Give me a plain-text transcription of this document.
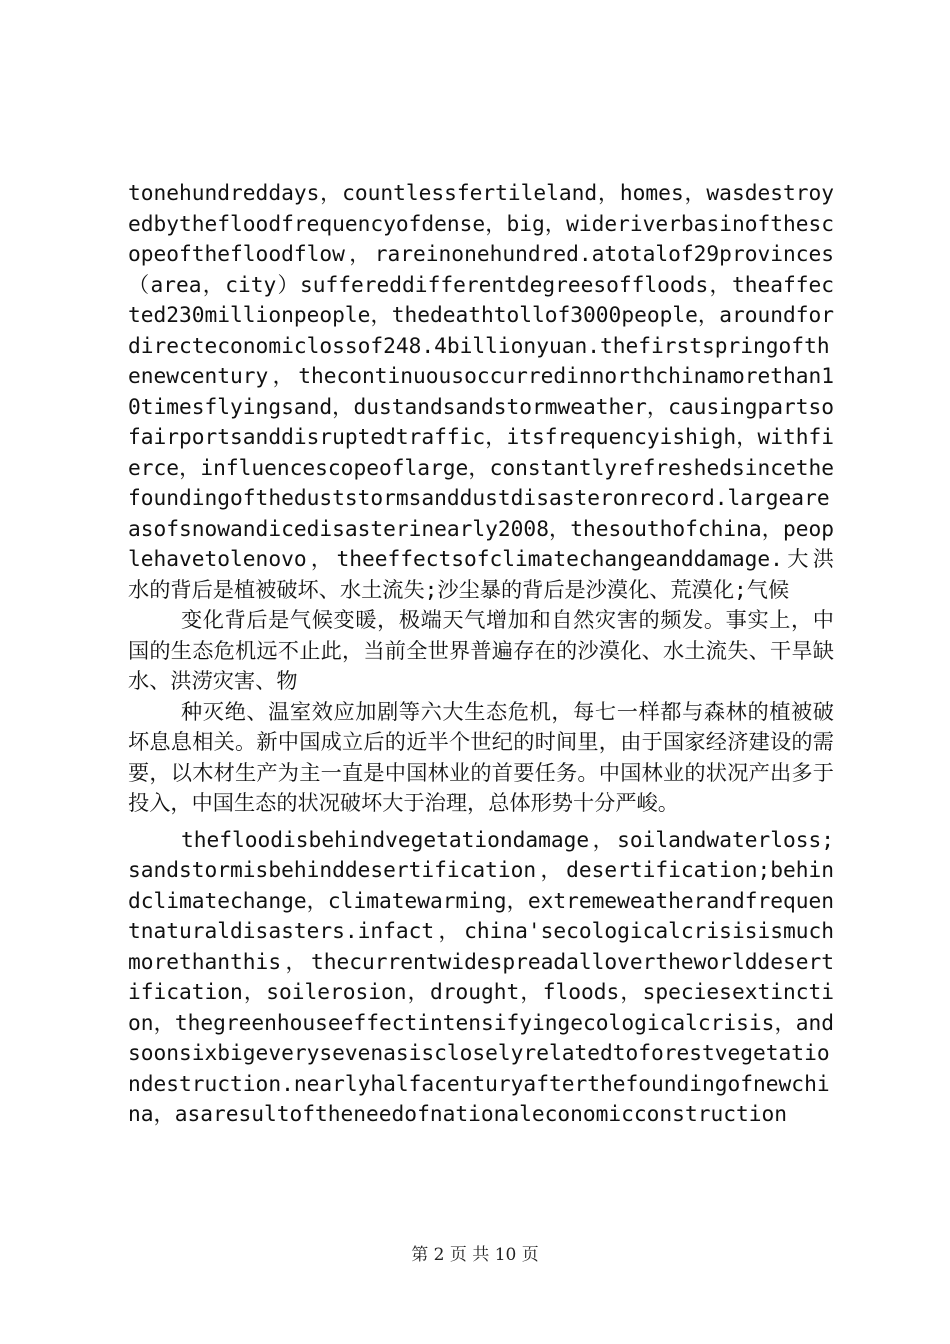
tonehundreddays，countlessfertileland，homes，wasdestroyedbythefloodfrequencyofdense，big，wideriverbasinofthescopeofthefloodflow，rareinonehundred.atotalof29provinces（area，city）suffereddifferentdegreesoffloods，theaffected230millionpeople，thedeathtollof3000people，aroundfordirecteconomiclossof248.4billionyuan.thefirstspringofthenewcentury，thecontinuousoccurredinnorthchinamorethan10timesflyingsand，dustandsandstormweather，causingpartsofairportsanddisruptedtraffic，itsfrequencyishigh，withfierce，influencescopeoflarge，constantlyrefreshedsincethefoundingoftheduststormsanddustdisasteronrecord.largeareasofsnowandicedisasterinearly2008，thesouthofchina，peoplehavetolenovo，theeffectsofclimatechangeanddamage.大洪水的背后是植被破坏、水土流失;沙尘暴的背后是沙漠化、荒漠化;气候

变化背后是气候变暖，极端天气增加和自然灾害的频发。事实上，中国的生态危机远不止此，当前全世界普遍存在的沙漠化、水土流失、干旱缺水、洪涝灾害、物

种灭绝、温室效应加剧等六大生态危机，每七一样都与森林的植被破坏息息相关。新中国成立后的近半个世纪的时间里，由于国家经济建设的需要，以木材生产为主一直是中国林业的首要任务。中国林业的状况产出多于投入，中国生态的状况破坏大于治理，总体形势十分严峻。

thefloodisbehindvegetationdamage，soilandwaterloss;sandstormisbehinddesertification，desertification;behindclimatechange，climatewarming，extremeweatherandfrequentnaturaldisasters.infact，china'secologicalcrisisismuchmorethanthis，thecurrentwidespreadallovertheworlddesertification，soilerosion，drought，floods，speciesextinction，thegreenhouseeffectintensifyingecologicalcrisis，andsoonsixbigeverysevenasiscloselyrelatedtoforestvegetationdestruction.nearlyhalfacenturyafterthefoundingofnewchina，asaresultoftheneedofnationaleconomicconstruction

第 2 页 共 10 页
